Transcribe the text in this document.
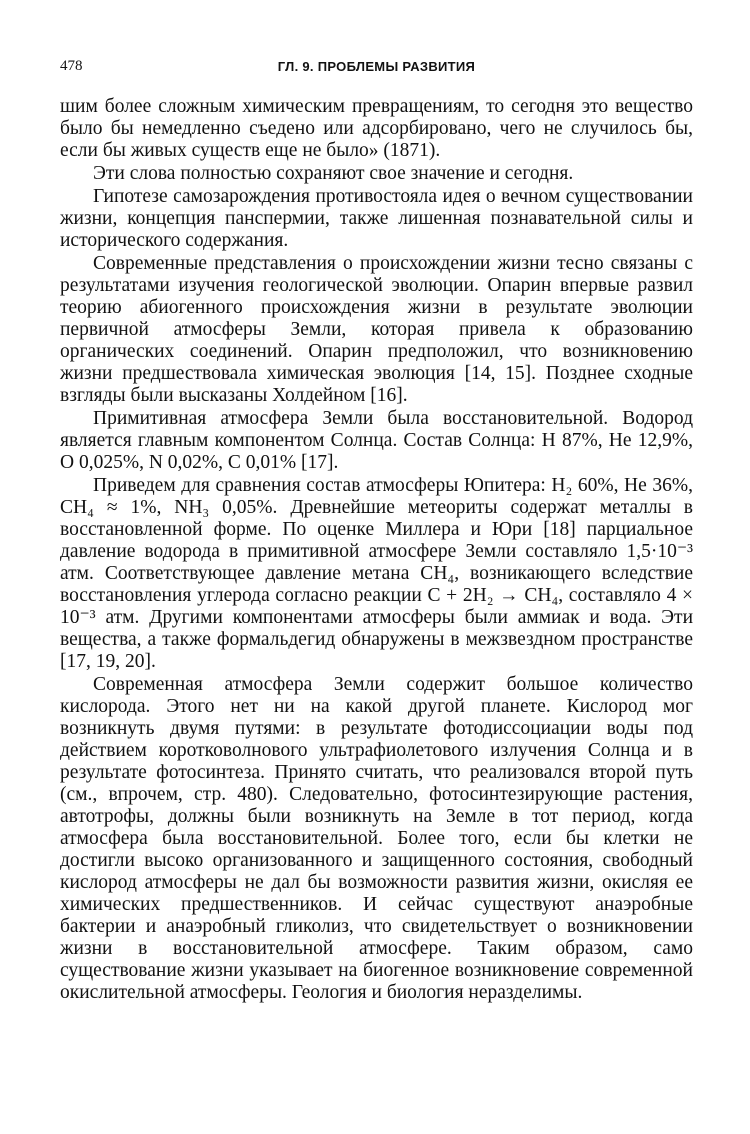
478	ГЛ. 9. ПРОБЛЕМЫ РАЗВИТИЯ

шим более сложным химическим превращениям, то сегодня это вещество было бы немедленно съедено или адсорбировано, чего не случилось бы, если бы живых существ еще не было» (1871).

Эти слова полностью сохраняют свое значение и сегодня.

Гипотезе самозарождения противостояла идея о вечном существовании жизни, концепция панспермии, также лишенная познавательной силы и исторического содержания.

Современные представления о происхождении жизни тесно связаны с результатами изучения геологической эволюции. Опарин впервые развил теорию абиогенного происхождения жизни в результате эволюции первичной атмосферы Земли, которая привела к образованию органических соединений. Опарин предположил, что возникновению жизни предшествовала химическая эволюция [14, 15]. Позднее сходные взгляды были высказаны Холдейном [16].

Примитивная атмосфера Земли была восстановительной. Водород является главным компонентом Солнца. Состав Солнца: H 87%, He 12,9%, O 0,025%, N 0,02%, C 0,01% [17].

Приведем для сравнения состав атмосферы Юпитера: H₂ 60%, He 36%, CH₄ ≈ 1%, NH₃ 0,05%. Древнейшие метеориты содержат металлы в восстановленной форме. По оценке Миллера и Юри [18] парциальное давление водорода в примитивной атмосфере Земли составляло 1,5·10⁻³ атм. Соответствующее давление метана CH₄, возникающего вследствие восстановления углерода согласно реакции C + 2H₂ → CH₄, составляло 4 × 10⁻³ атм. Другими компонентами атмосферы были аммиак и вода. Эти вещества, а также формальдегид обнаружены в межзвездном пространстве [17, 19, 20].

Современная атмосфера Земли содержит большое количество кислорода. Этого нет ни на какой другой планете. Кислород мог возникнуть двумя путями: в результате фотодиссоциации воды под действием коротковолнового ультрафиолетового излучения Солнца и в результате фотосинтеза. Принято считать, что реализовался второй путь (см., впрочем, стр. 480). Следовательно, фотосинтезирующие растения, автотрофы, должны были возникнуть на Земле в тот период, когда атмосфера была восстановительной. Более того, если бы клетки не достигли высоко организованного и защищенного состояния, свободный кислород атмосферы не дал бы возможности развития жизни, окисляя ее химических предшественников. И сейчас существуют анаэробные бактерии и анаэробный гликолиз, что свидетельствует о возникновении жизни в восстановительной атмосфере. Таким образом, само существование жизни указывает на биогенное возникновение современной окислительной атмосферы. Геология и биология неразделимы.
